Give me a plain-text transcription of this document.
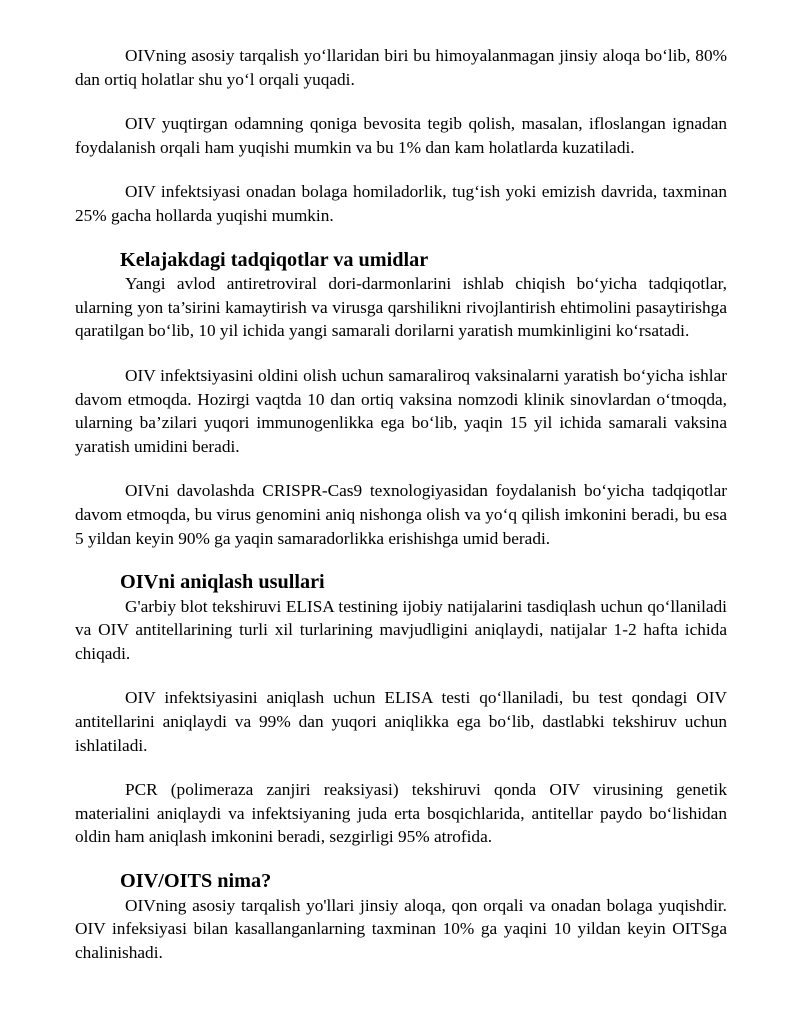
OIVning asosiy tarqalish yo‘llaridan biri bu himoyalanmagan jinsiy aloqa bo‘lib, 80% dan ortiq holatlar shu yo‘l orqali yuqadi.

OIV yuqtirgan odamning qoniga bevosita tegib qolish, masalan, ifloslangan ignadan foydalanish orqali ham yuqishi mumkin va bu 1% dan kam holatlarda kuzatiladi.

OIV infektsiyasi onadan bolaga homiladorlik, tug‘ish yoki emizish davrida, taxminan 25% gacha hollarda yuqishi mumkin.

Kelajakdagi tadqiqotlar va umidlar

Yangi avlod antiretroviral dori-darmonlarini ishlab chiqish bo‘yicha tadqiqotlar, ularning yon ta’sirini kamaytirish va virusga qarshilikni rivojlantirish ehtimolini pasaytirishga qaratilgan bo‘lib, 10 yil ichida yangi samarali dorilarni yaratish mumkinligini ko‘rsatadi.

OIV infektsiyasini oldini olish uchun samaraliroq vaksinalarni yaratish bo‘yicha ishlar davom etmoqda. Hozirgi vaqtda 10 dan ortiq vaksina nomzodi klinik sinovlardan o‘tmoqda, ularning ba’zilari yuqori immunogenlikka ega bo‘lib, yaqin 15 yil ichida samarali vaksina yaratish umidini beradi.

OIVni davolashda CRISPR-Cas9 texnologiyasidan foydalanish bo‘yicha tadqiqotlar davom etmoqda, bu virus genomini aniq nishonga olish va yo‘q qilish imkonini beradi, bu esa 5 yildan keyin 90% ga yaqin samaradorlikka erishishga umid beradi.

OIVni aniqlash usullari

G'arbiy blot tekshiruvi ELISA testining ijobiy natijalarini tasdiqlash uchun qo‘llaniladi va OIV antitellarining turli xil turlarining mavjudligini aniqlaydi, natijalar 1-2 hafta ichida chiqadi.

OIV infektsiyasini aniqlash uchun ELISA testi qo‘llaniladi, bu test qondagi OIV antitellarini aniqlaydi va 99% dan yuqori aniqlikka ega bo‘lib, dastlabki tekshiruv uchun ishlatiladi.

PCR (polimeraza zanjiri reaksiyasi) tekshiruvi qonda OIV virusining genetik materialini aniqlaydi va infektsiyaning juda erta bosqichlarida, antitellar paydo bo‘lishidan oldin ham aniqlash imkonini beradi, sezgirligi 95% atrofida.

OIV/OITS nima?

OIVning asosiy tarqalish yo'llari jinsiy aloqa, qon orqali va onadan bolaga yuqishdir. OIV infeksiyasi bilan kasallanganlarning taxminan 10% ga yaqini 10 yildan keyin OITSga chalinishadi.
